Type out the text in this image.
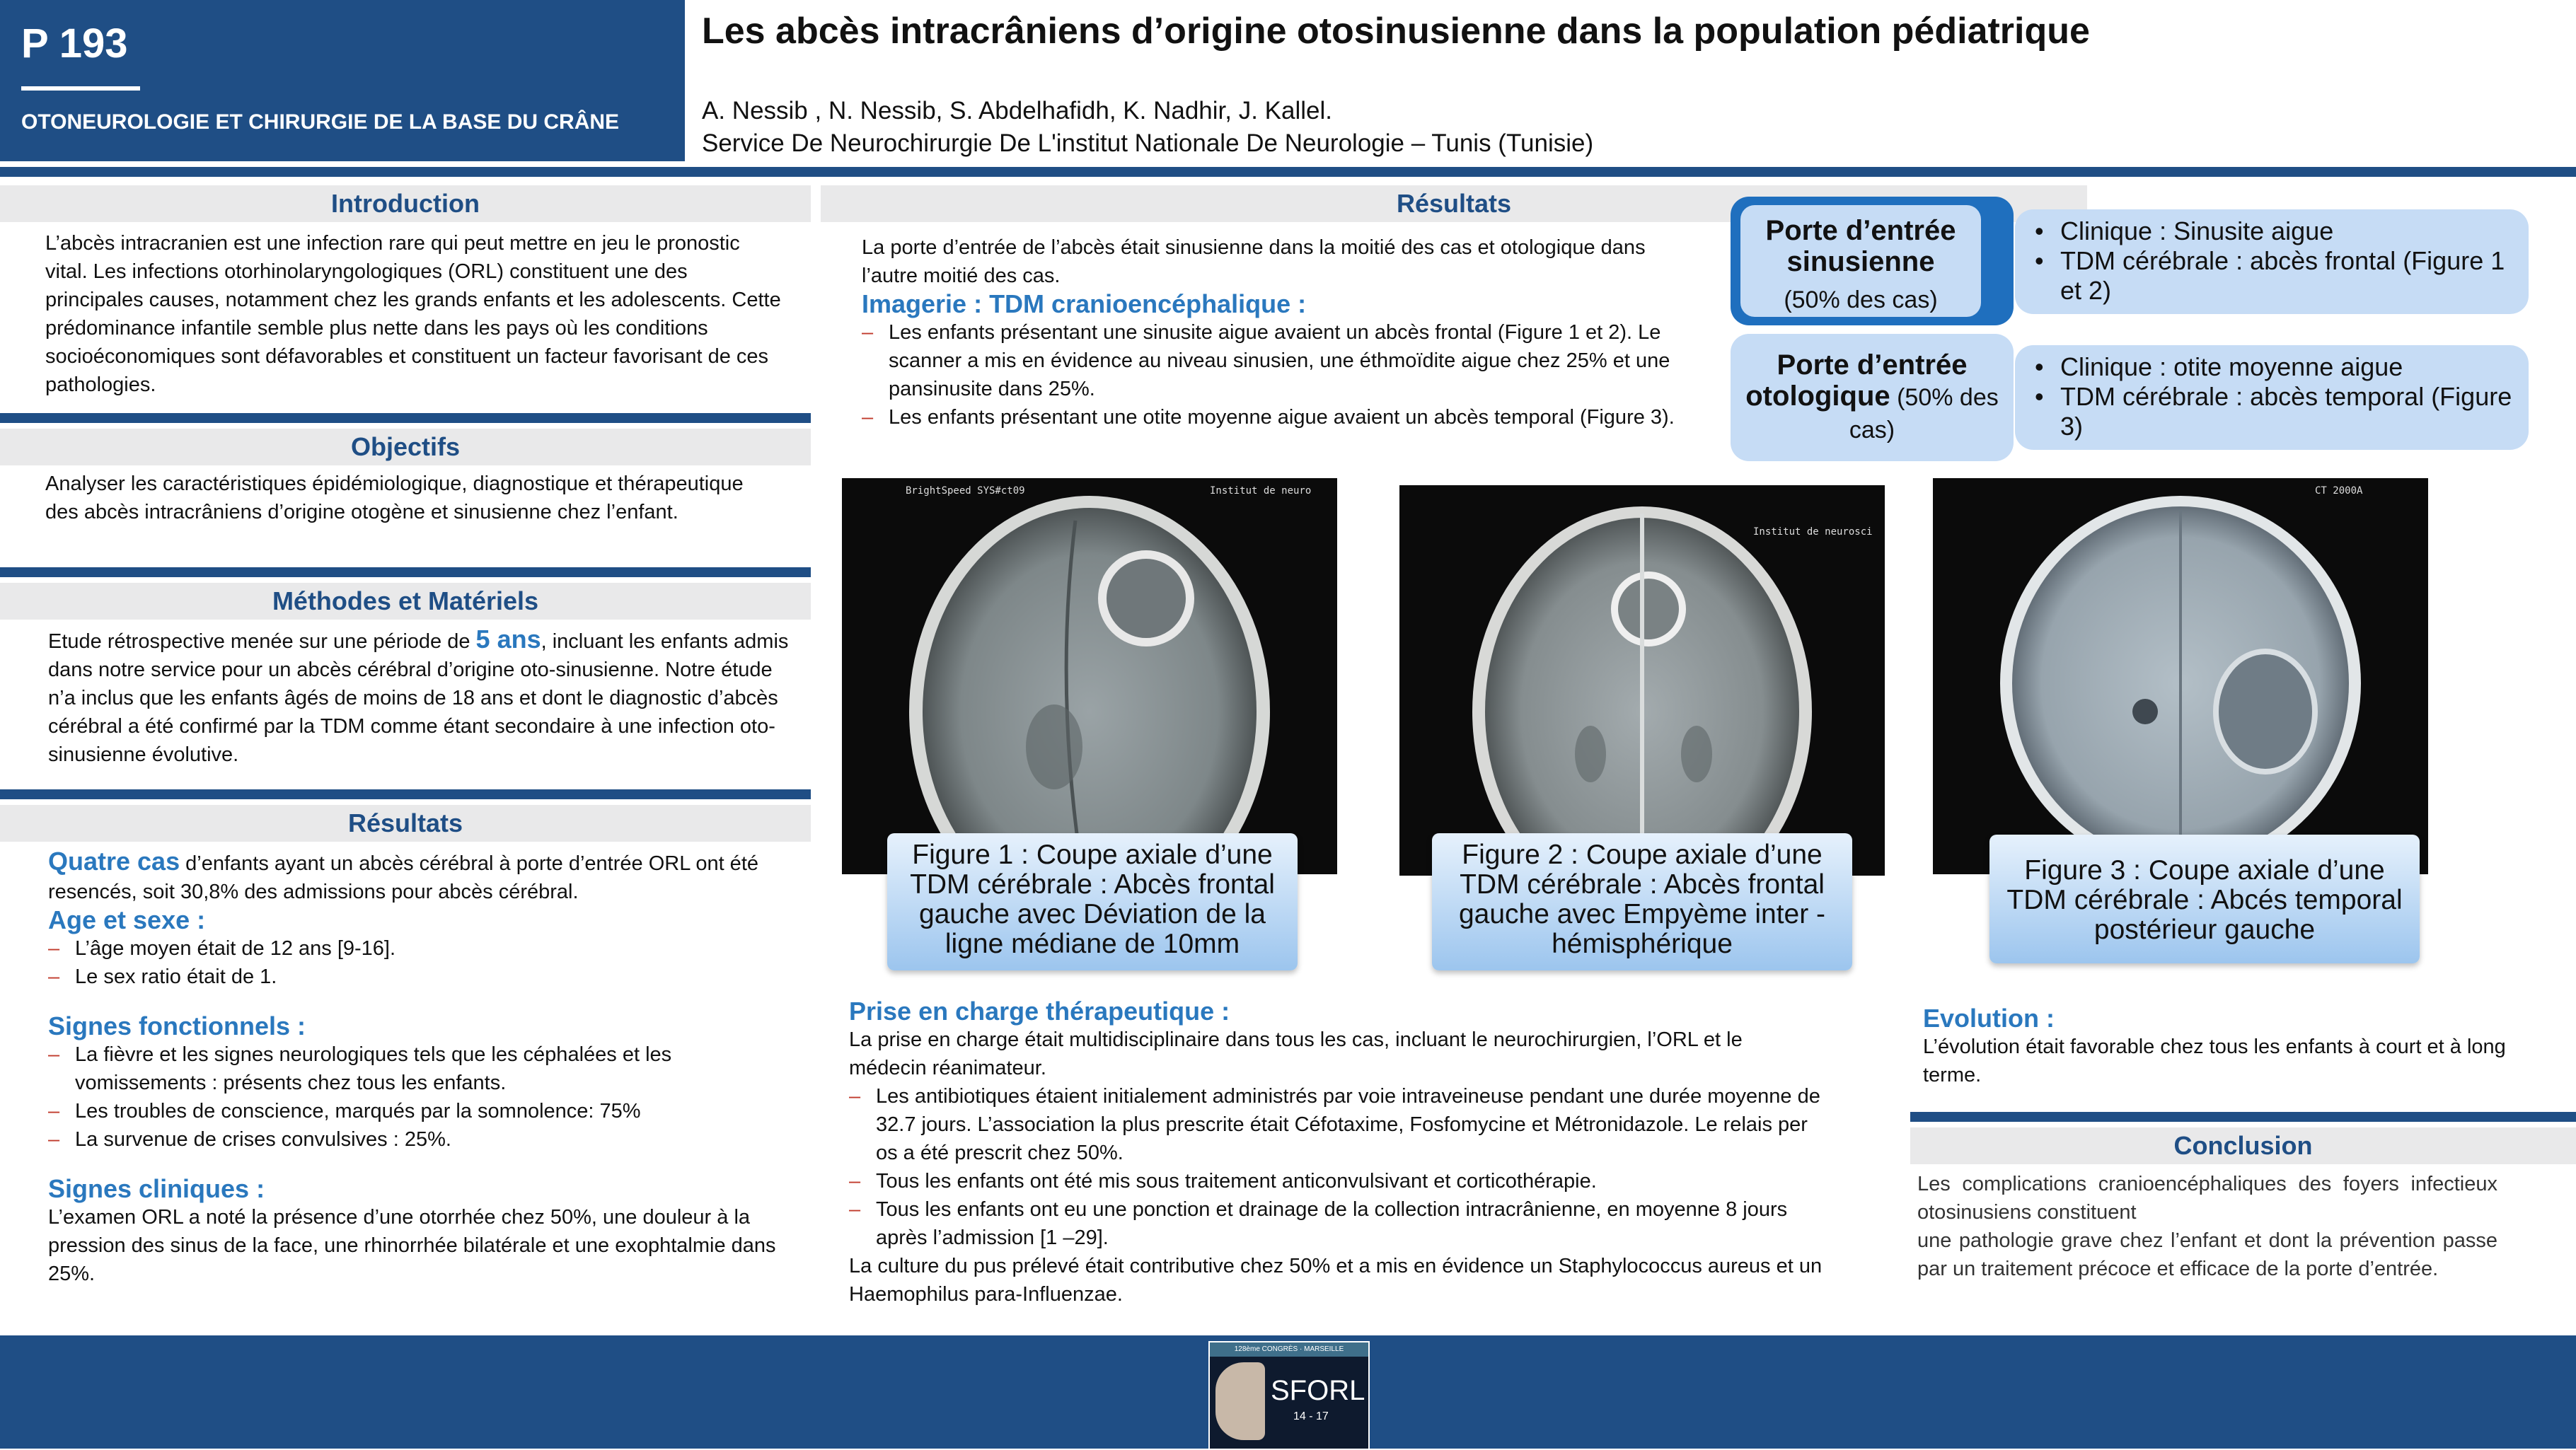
P 193
OTONEUROLOGIE ET CHIRURGIE DE LA BASE DU CRÂNE
Les abcès intracrâniens d’origine otosinusienne dans la population pédiatrique
A. Nessib , N. Nessib, S. Abdelhafidh, K. Nadhir, J. Kallel.
Service De Neurochirurgie De L'institut Nationale De Neurologie – Tunis (Tunisie)
Introduction
L’abcès intracranien est une infection rare qui peut mettre en jeu le pronostic vital. Les infections otorhinolaryngologiques (ORL) constituent une des principales causes, notamment chez les grands enfants et les adolescents. Cette prédominance infantile semble plus nette dans les pays où les conditions socioéconomiques sont défavorables et constituent un facteur favorisant de ces pathologies.
Objectifs
Analyser les caractéristiques épidémiologique, diagnostique et thérapeutique des abcès intracrâniens d’origine otogène et sinusienne chez l’enfant.
Méthodes et Matériels
Etude rétrospective menée sur une période de 5 ans, incluant les enfants admis dans notre service pour un abcès cérébral d’origine oto-sinusienne. Notre étude n’a inclus que les enfants âgés de moins de 18 ans et dont le diagnostic d’abcès cérébral a été confirmé par la TDM comme étant secondaire à une infection oto-sinusienne évolutive.
Résultats
Quatre cas d’enfants ayant un abcès cérébral à porte d’entrée ORL ont été resencés, soit 30,8% des admissions pour abcès cérébral.
Age et sexe :
– L’âge moyen était de 12 ans [9-16].
– Le sex ratio était de 1.
Signes fonctionnels :
– La fièvre et les signes neurologiques tels que les céphalées et les vomissements : présents chez tous les enfants.
– Les troubles de conscience, marqués par la somnolence: 75%
– La survenue de crises convulsives : 25%.
Signes cliniques :
L’examen ORL a noté la présence d’une otorrhée chez 50%, une douleur à la pression des sinus de la face, une rhinorrhée bilatérale et une exophtalmie dans 25%.
Résultats
La porte d’entrée de l’abcès était sinusienne dans la moitié des cas et otologique dans l’autre moitié des cas.
Imagerie : TDM cranioencéphalique :
– Les enfants présentant une sinusite aigue avaient un abcès frontal (Figure 1 et 2). Le scanner a mis en évidence au niveau sinusien, une éthmoïdite aigue chez 25% et une pansinusite dans 25%.
– Les enfants présentant une otite moyenne aigue avaient un abcès temporal (Figure 3).
• Clinique : Sinusite aigue
• TDM cérébrale : abcès frontal (Figure 1 et 2)
Porte d’entrée sinusienne
(50% des cas)
• Clinique : otite moyenne aigue
• TDM cérébrale : abcès temporal (Figure 3)
Porte d’entrée otologique (50% des cas)
BrightSpeed SYS#ct09	Institut de neuro
Figure 1 : Coupe axiale d’une TDM cérébrale : Abcès frontal gauche avec Déviation de la ligne médiane de 10mm
Institut de neurosci
Figure 2 : Coupe axiale d’une TDM cérébrale : Abcès frontal gauche avec Empyème inter -hémisphérique
CT 2000A
Figure 3 : Coupe axiale d’une TDM cérébrale : Abcés temporal postérieur gauche
Prise en charge thérapeutique :
La prise en charge était multidisciplinaire dans tous les cas, incluant le neurochirurgien, l’ORL et le médecin réanimateur.
– Les antibiotiques étaient initialement administrés par voie intraveineuse pendant une durée moyenne de 32.7 jours. L’association la plus prescrite était Céfotaxime, Fosfomycine et Métronidazole. Le relais per os a été prescrit chez 50%.
– Tous les enfants ont été mis sous traitement anticonvulsivant et corticothérapie.
– Tous les enfants ont eu une ponction et drainage de la collection intracrânienne, en moyenne 8 jours après l’admission [1 –29].
La culture du pus prélevé était contributive chez 50% et a mis en évidence un Staphylococcus aureus et un Haemophilus para-Influenzae.
Evolution :
L’évolution était favorable chez tous les enfants à court et à long terme.
Conclusion
Les complications cranioencéphaliques des foyers infectieux otosinusiens constituent
une pathologie grave chez l’enfant et dont la prévention passe par un traitement précoce et efficace de la porte d’entrée.
128ème CONGRÈS · MARSEILLE
SFORL
14 - 17
